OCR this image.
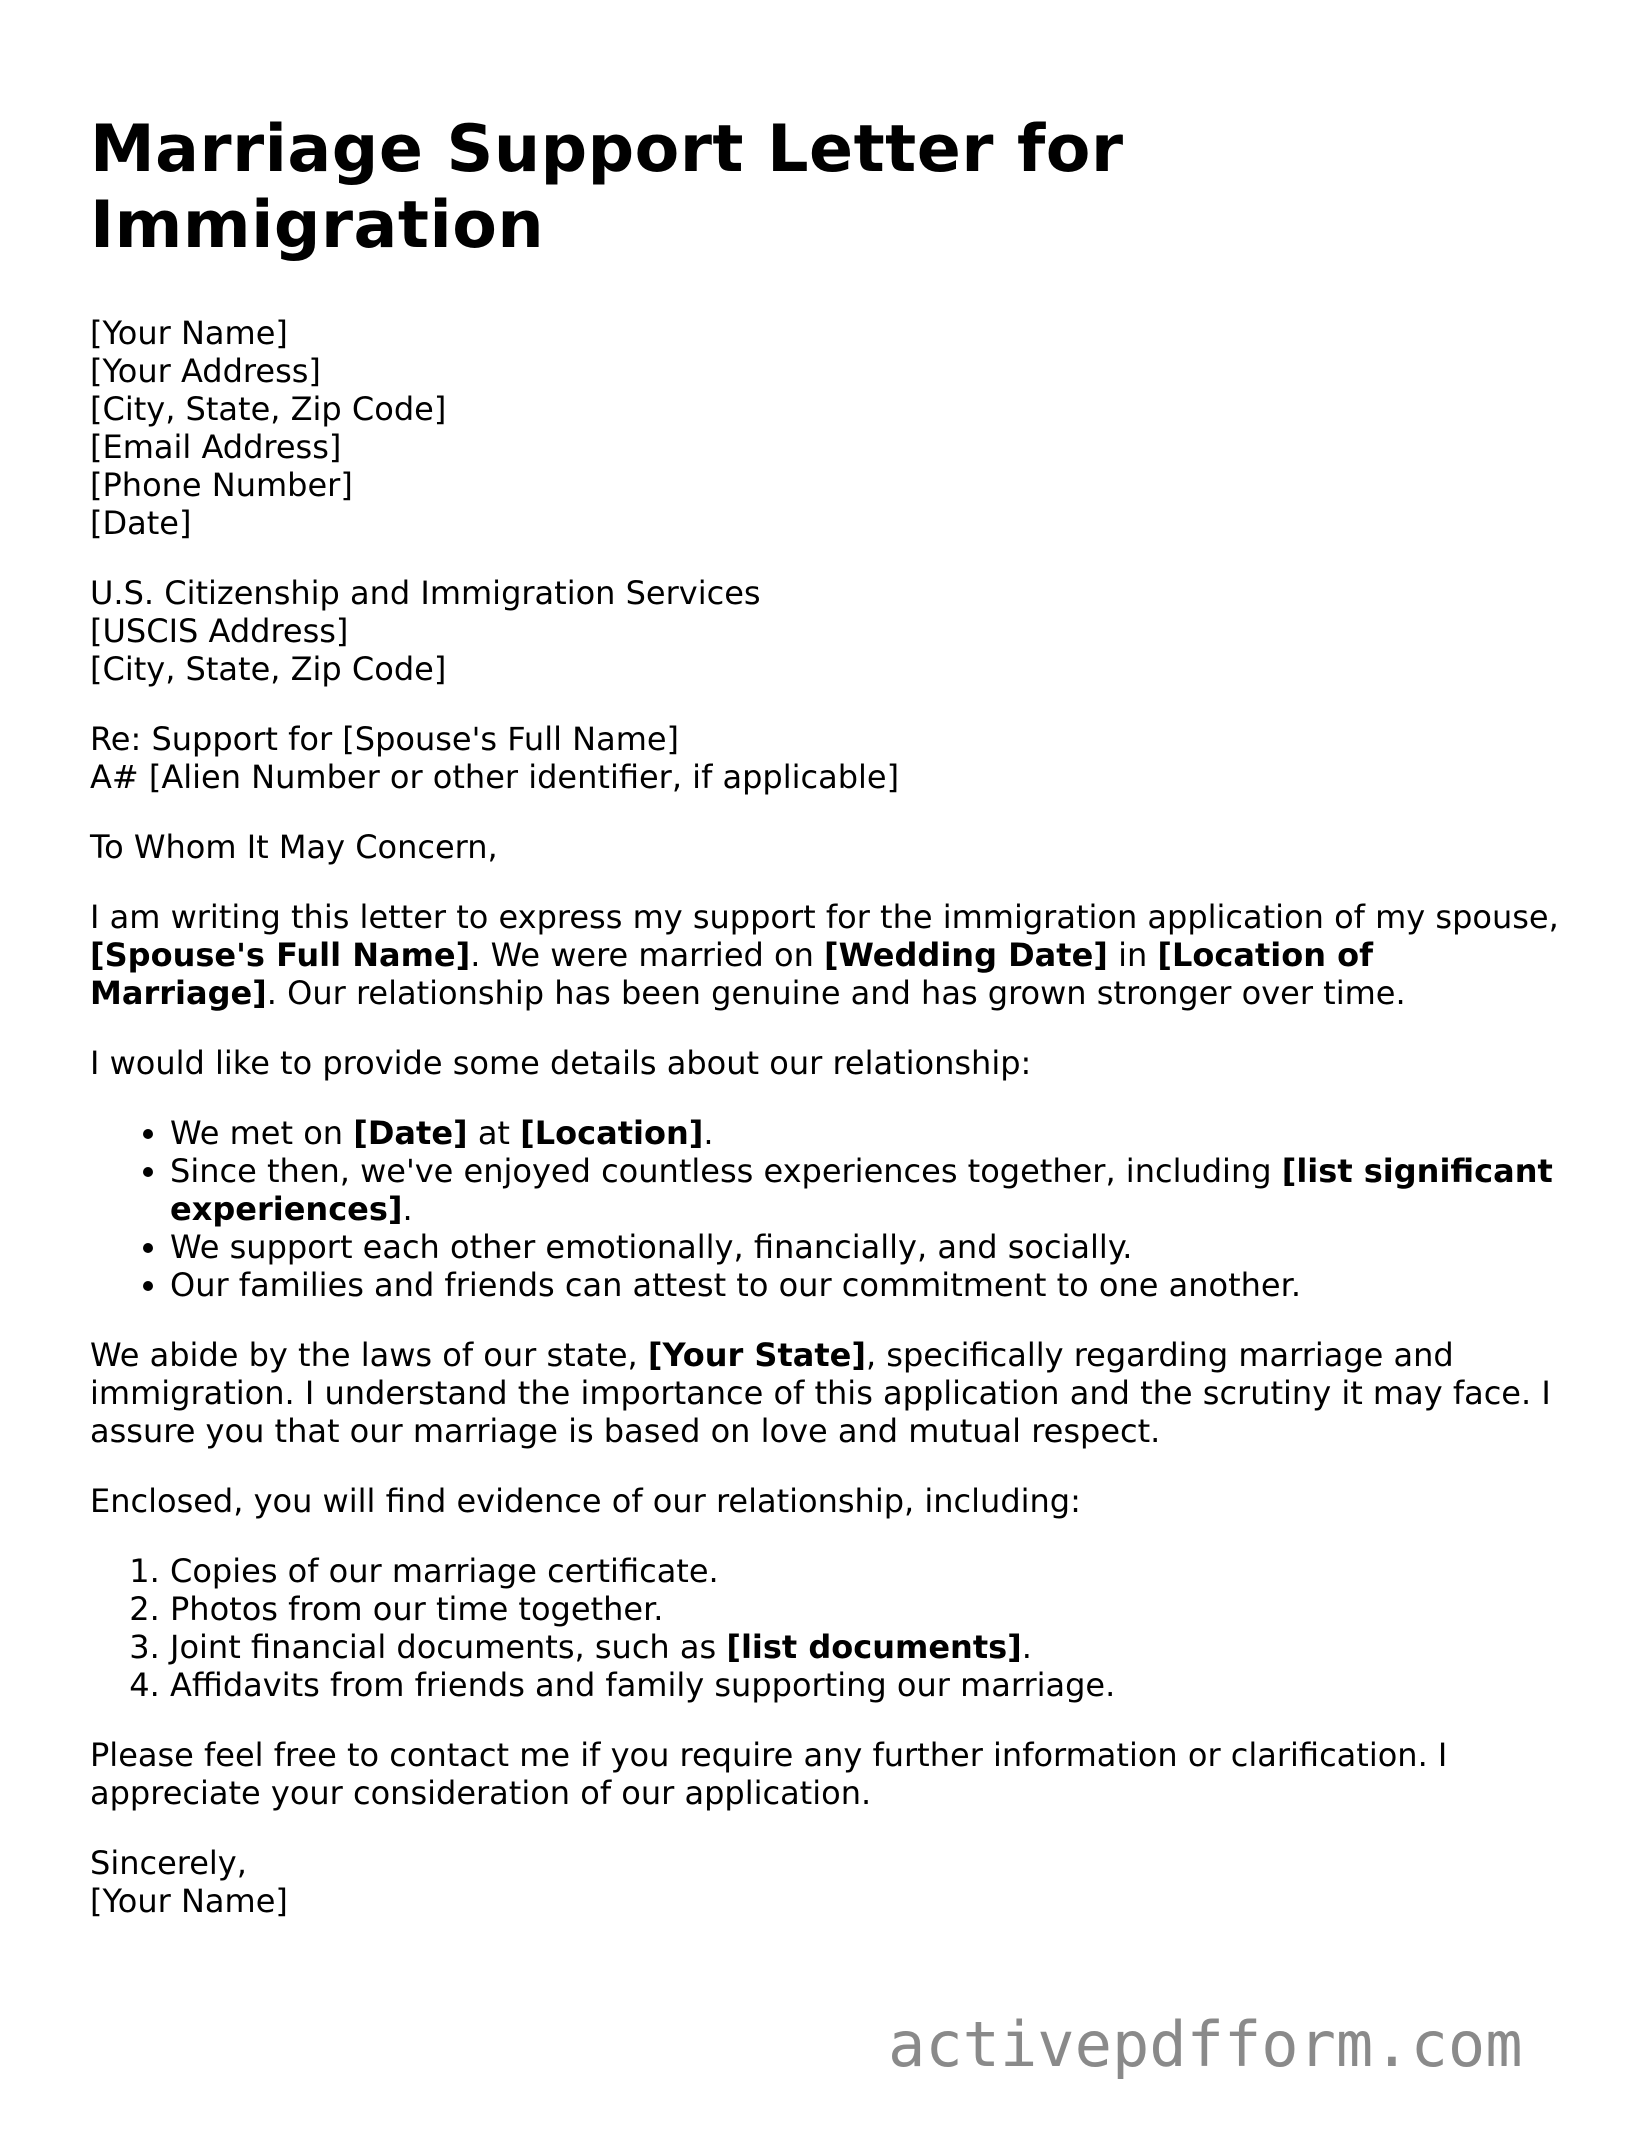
Marriage Support Letter for Immigration
[Your Name]
[Your Address]
[City, State, Zip Code]
[Email Address]
[Phone Number]
[Date]
U.S. Citizenship and Immigration Services
[USCIS Address]
[City, State, Zip Code]
Re: Support for [Spouse's Full Name]
A# [Alien Number or other identifier, if applicable]

To Whom It May Concern,

I am writing this letter to express my support for the immigration application of my spouse, [Spouse's Full Name]. We were married on [Wedding Date] in [Location of Marriage]. Our relationship has been genuine and has grown stronger over time.

I would like to provide some details about our relationship:

• We met on [Date] at [Location].
• Since then, we've enjoyed countless experiences together, including [list significant experiences].
• We support each other emotionally, financially, and socially.
• Our families and friends can attest to our commitment to one another.

We abide by the laws of our state, [Your State], specifically regarding marriage and immigration. I understand the importance of this application and the scrutiny it may face. I assure you that our marriage is based on love and mutual respect.

Enclosed, you will find evidence of our relationship, including:

1. Copies of our marriage certificate.
2. Photos from our time together.
3. Joint financial documents, such as [list documents].
4. Affidavits from friends and family supporting our marriage.

Please feel free to contact me if you require any further information or clarification. I appreciate your consideration of our application.

Sincerely,
[Your Name]
activepdfform.com
